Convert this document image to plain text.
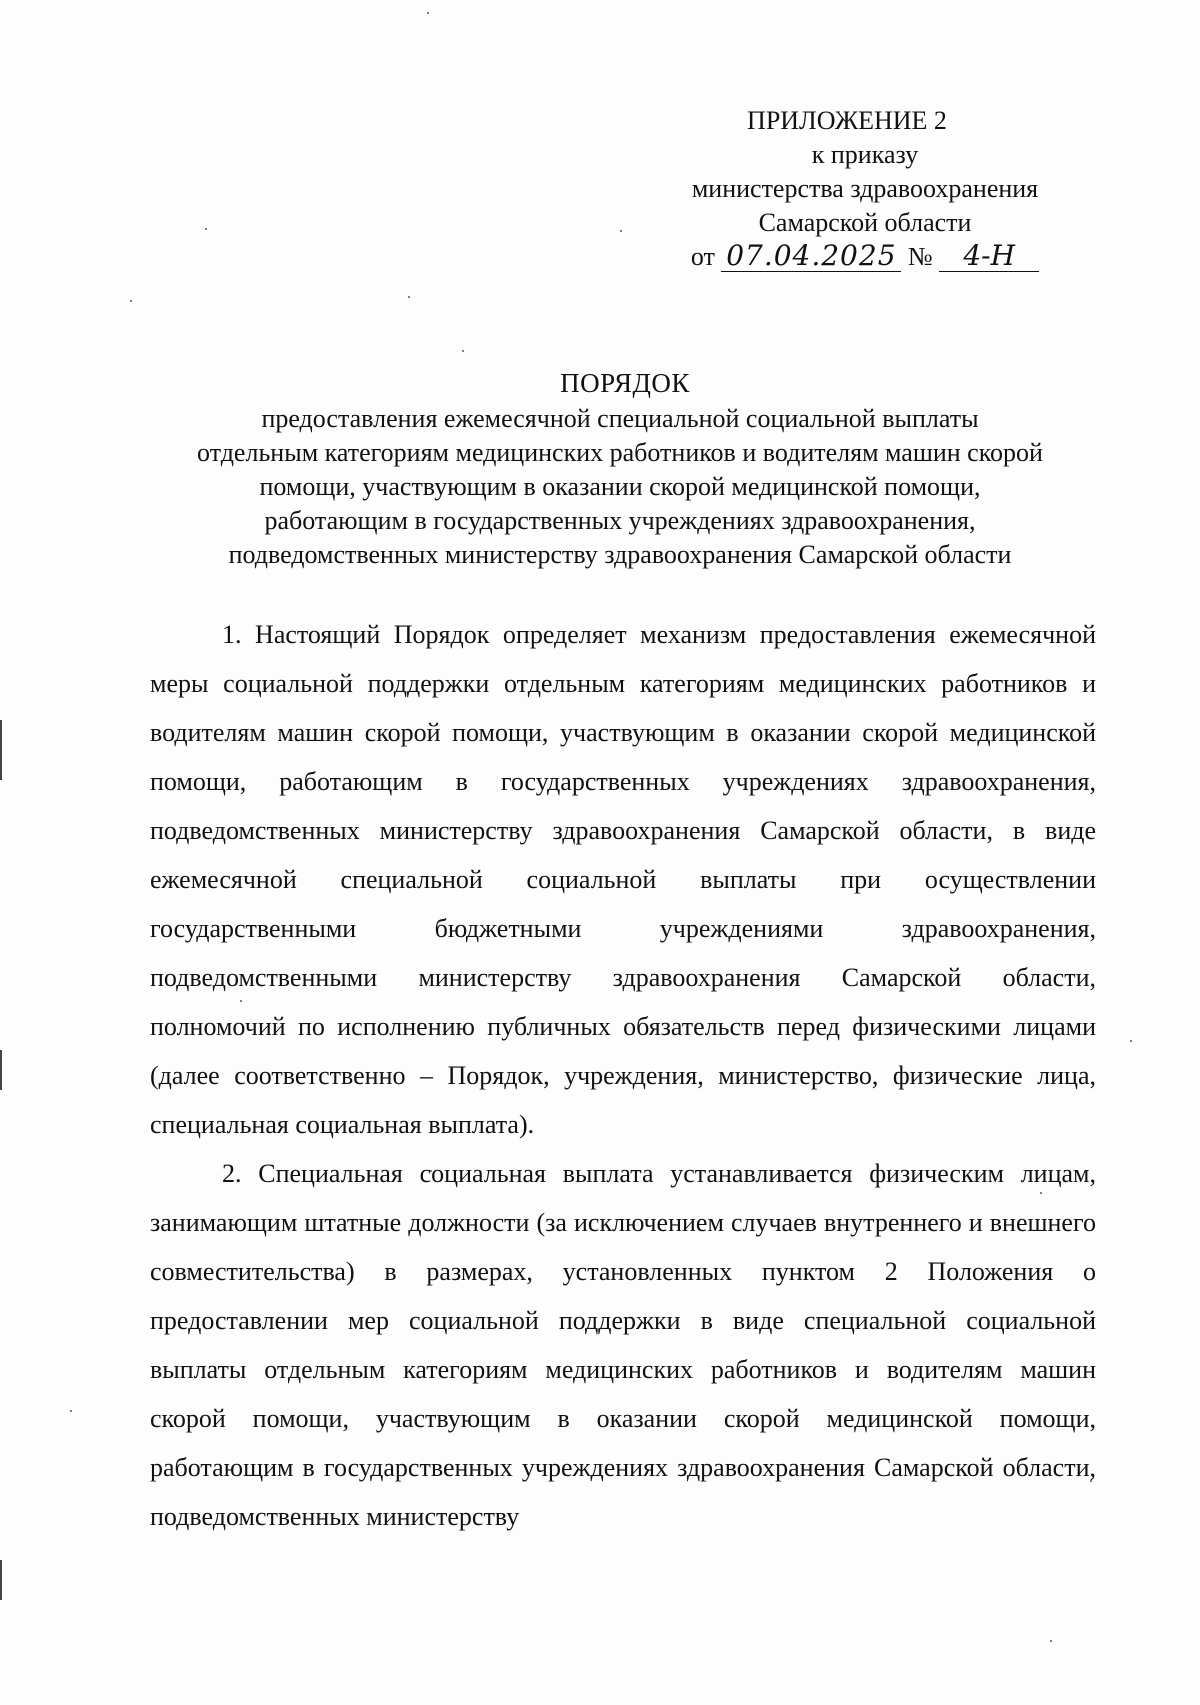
ПРИЛОЖЕНИЕ 2
к приказу
министерства здравоохранения
Самарской области
от 07.04.2025 № 4-Н
ПОРЯДОК
предоставления ежемесячной специальной социальной выплаты
отдельным категориям медицинских работников и водителям машин скорой
помощи, участвующим в оказании скорой медицинской помощи,
работающим в государственных учреждениях здравоохранения,
подведомственных министерству здравоохранения Самарской области

1. Настоящий Порядок определяет механизм предоставления ежемесячной меры социальной поддержки отдельным категориям медицинских работников и водителям машин скорой помощи, участвующим в оказании скорой медицинской помощи, работающим в государственных учреждениях здравоохранения, подведомственных министерству здравоохранения Самарской области, в виде ежемесячной специальной социальной выплаты при осуществлении государственными бюджетными учреждениями здравоохранения, подведомственными министерству здравоохранения Самарской области, полномочий по исполнению публичных обязательств перед физическими лицами (далее соответственно – Порядок, учреждения, министерство, физические лица, специальная социальная выплата).

2. Специальная социальная выплата устанавливается физическим лицам, занимающим штатные должности (за исключением случаев внутреннего и внешнего совместительства) в размерах, установленных пунктом 2 Положения о предоставлении мер социальной поддержки в виде специальной социальной выплаты отдельным категориям медицинских работников и водителям машин скорой помощи, участвующим в оказании скорой медицинской помощи, работающим в государственных учреждениях здравоохранения Самарской области, подведомственных министерству
